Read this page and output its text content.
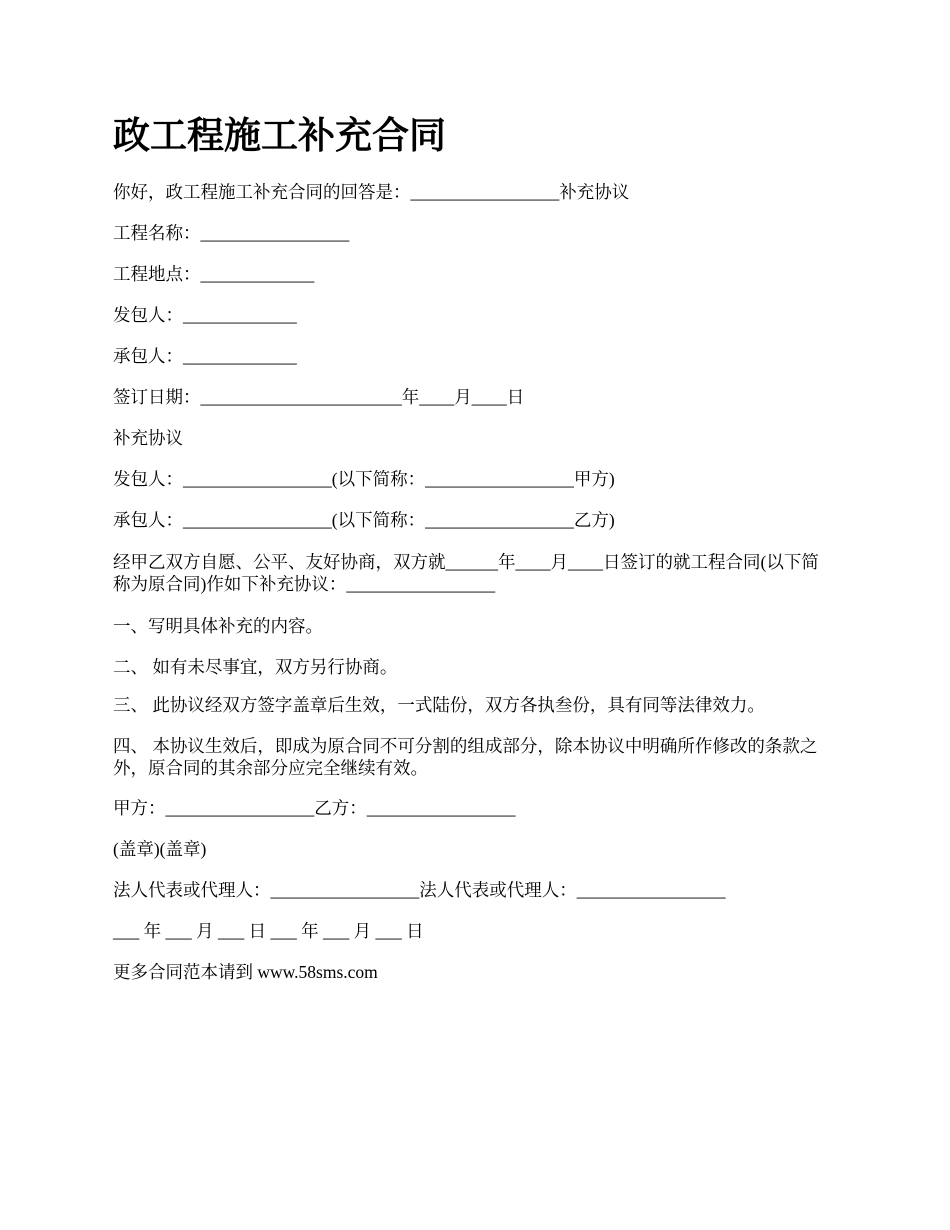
政工程施工补充合同

你好，政工程施工补充合同的回答是：_________________补充协议

工程名称：_________________

工程地点：_____________

发包人：_____________

承包人：_____________

签订日期：_______________________年____月____日

补充协议

发包人：_________________(以下简称：_________________甲方)

承包人：_________________(以下简称：_________________乙方)

经甲乙双方自愿、公平、友好协商，双方就______年____月____日签订的就工程合同(以下简称为原合同)作如下补充协议：_________________

一、写明具体补充的内容。

二、 如有未尽事宜，双方另行协商。

三、 此协议经双方签字盖章后生效，一式陆份，双方各执叁份，具有同等法律效力。

四、 本协议生效后，即成为原合同不可分割的组成部分，除本协议中明确所作修改的条款之外，原合同的其余部分应完全继续有效。

甲方：_________________乙方：_________________

(盖章)(盖章)

法人代表或代理人：_________________法人代表或代理人：_________________

___ 年 ___ 月 ___ 日 ___ 年 ___ 月 ___ 日

更多合同范本请到 www.58sms.com
